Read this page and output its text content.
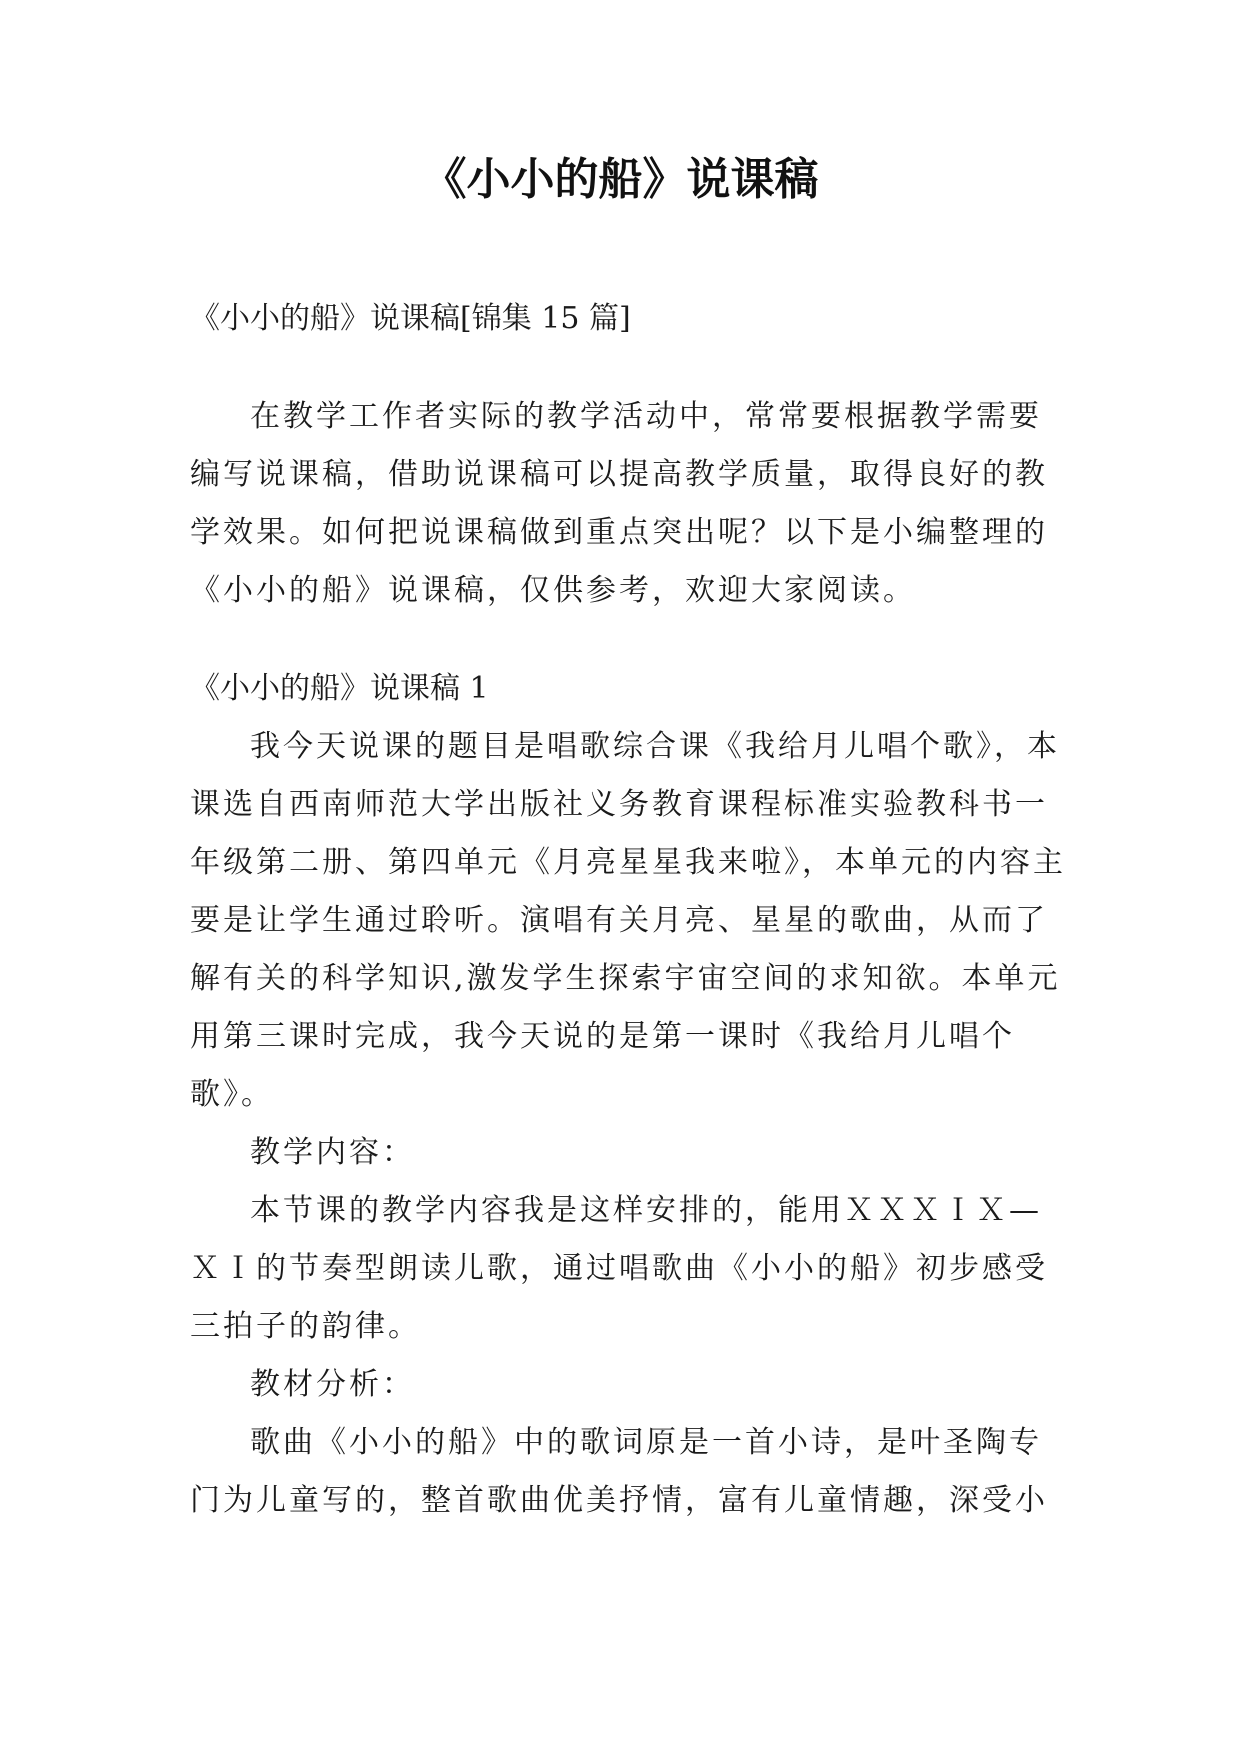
《小小的船》说课稿

《小小的船》说课稿[锦集 15 篇]

在教学工作者实际的教学活动中，常常要根据教学需要编写说课稿，借助说课稿可以提高教学质量，取得良好的教学效果。如何把说课稿做到重点突出呢？以下是小编整理的《小小的船》说课稿，仅供参考，欢迎大家阅读。

《小小的船》说课稿 1

我今天说课的题目是唱歌综合课《我给月儿唱个歌》，本课选自西南师范大学出版社义务教育课程标准实验教科书一年级第二册、第四单元《月亮星星我来啦》，本单元的内容主要是让学生通过聆听。演唱有关月亮、星星的歌曲，从而了解有关的科学知识,激发学生探索宇宙空间的求知欲。本单元用第三课时完成，我今天说的是第一课时《我给月儿唱个歌》。

教学内容：

本节课的教学内容我是这样安排的，能用ＸＸＸＩＸ—ＸＩ的节奏型朗读儿歌，通过唱歌曲《小小的船》初步感受三拍子的韵律。

教材分析：

歌曲《小小的船》中的歌词原是一首小诗，是叶圣陶专门为儿童写的，整首歌曲优美抒情，富有儿童情趣，深受小
